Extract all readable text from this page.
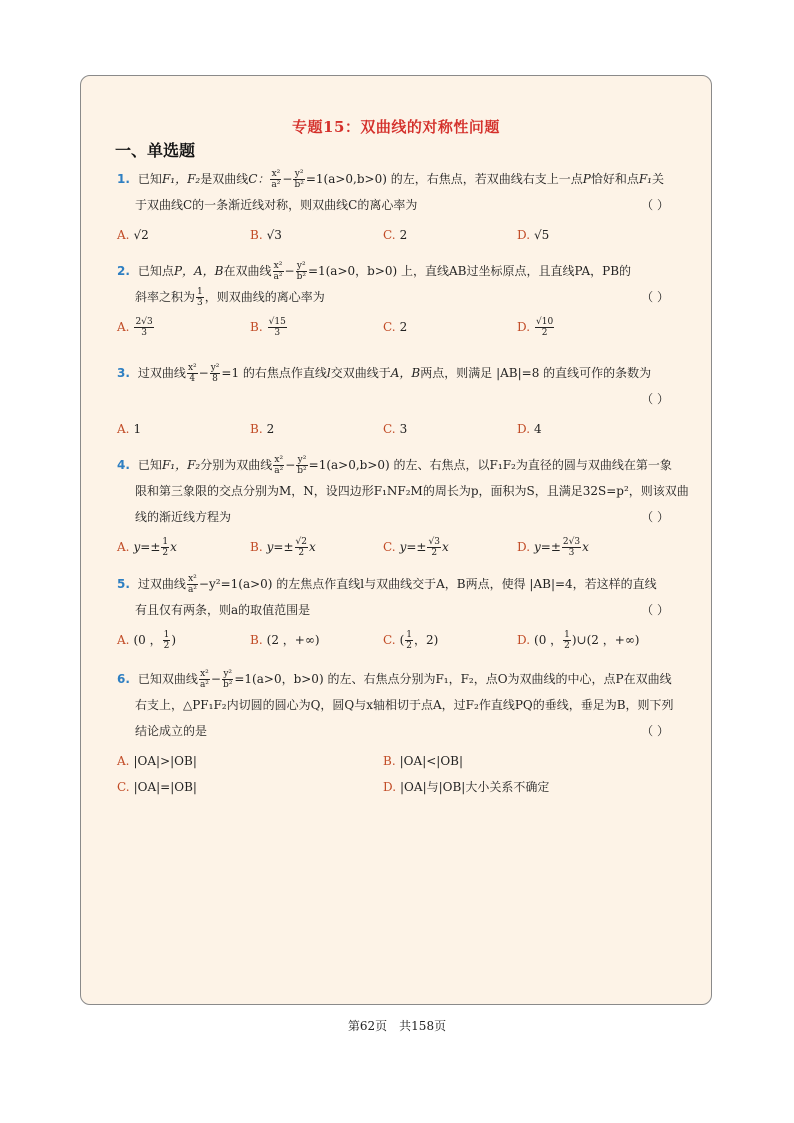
专题15：双曲线的对称性问题
一、单选题
1. 已知F₁，F₂是双曲线C： $\frac{\text{x²}}{\text{a²}} - \frac{\text{y²}}{\text{b²}} =1(a>0,b>0)$ 的左，右焦点，若双曲线右支上一点P恰好和点F₁关
于双曲线C的一条渐近线对称，则双曲线C的离心率为	（ ）
A. √2	B. √3	C. 2	D. √5
2. 已知点P，A，B在双曲线 $\frac{\text{x²}}{\text{a²}} - \frac{\text{y²}}{\text{b²}} =1(a>0$，b>0) 上，直线AB过坐标原点，且直线PA，PB的
斜率之积为 $\frac{1}{3}$ ，则双曲线的离心率为	（ ）
A. $\frac{2√3}{3}$	B. $\frac{√15}{3}$	C. 2	D. $\frac{√10}{2}$
3. 过双曲线 $\frac{\text{x²}}{4} - \frac{\text{y²}}{8} =1$ 的右焦点作直线l交双曲线于A，B两点，则满足 |AB|=8 的直线可作的条数为
（ ）

A. 1	B. 2	C. 3	D. 4
4. 已知F₁，F₂分别为双曲线 $\frac{\text{x²}}{\text{a²}} - \frac{\text{y²}}{\text{b²}} =1(a>0,b>0)$ 的左、右焦点，以F₁F₂为直径的圆与双曲线在第一象
限和第三象限的交点分别为M，N，设四边形F₁NF₂M的周长为p，面积为S，且满足32S=p²，则该双曲
线的渐近线方程为	（ ）
A. $y=\pm \frac{1}{2}$ x	B. $y=\pm \frac{√2}{2}$ x	C. $y=\pm \frac{√3}{2}$ x	D. $y=\pm \frac{2√3}{3}$ x
5. 过双曲线 $\frac{\text{x²}}{\text{a²}} -y^2=1(a>0)$ 的左焦点作直线l与双曲线交于A，B两点，使得 |AB|=4，若这样的直线
有且仅有两条，则a的取值范围是	（ ）
A. (0 ， $\frac{1}{2}$ )	B. (2 ，+∞)	C. ( $\frac{1}{2}$ ，2)	D. (0 ， $\frac{1}{2}$ )∪(2 ，+∞)
6. 已知双曲线 $\frac{\text{x²}}{\text{a²}} - \frac{\text{y²}}{\text{b²}} =1(a>0$，b>0) 的左、右焦点分别为F₁，F₂，点O为双曲线的中心，点P在双曲线
右支上，△PF₁F₂内切圆的圆心为Q，圆Q与x轴相切于点A，过F₂作直线PQ的垂线，垂足为B，则下列
结论成立的是	（ ）
A. |OA|>|OB|	B. |OA|<|OB|
C. |OA|=|OB|	D. |OA|与|OB|大小关系不确定
第62页　共158页
